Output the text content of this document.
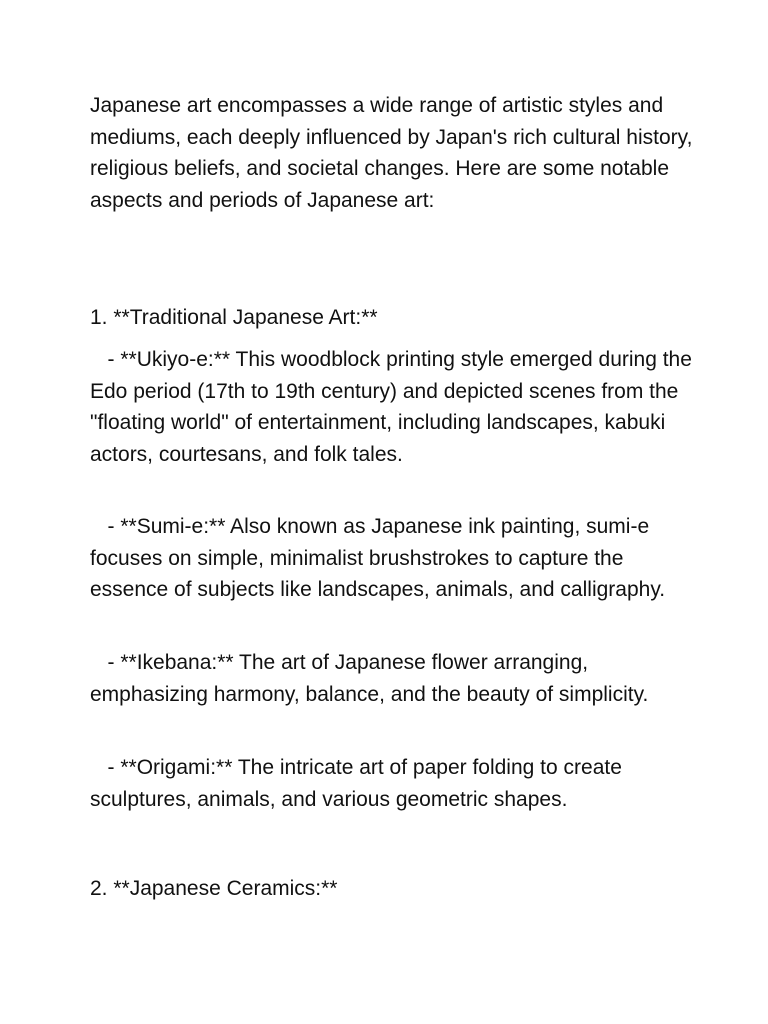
Japanese art encompasses a wide range of artistic styles and mediums, each deeply influenced by Japan's rich cultural history, religious beliefs, and societal changes. Here are some notable aspects and periods of Japanese art:

1. **Traditional Japanese Art:**

- **Ukiyo-e:** This woodblock printing style emerged during the Edo period (17th to 19th century) and depicted scenes from the "floating world" of entertainment, including landscapes, kabuki actors, courtesans, and folk tales.

- **Sumi-e:** Also known as Japanese ink painting, sumi-e focuses on simple, minimalist brushstrokes to capture the essence of subjects like landscapes, animals, and calligraphy.

- **Ikebana:** The art of Japanese flower arranging, emphasizing harmony, balance, and the beauty of simplicity.

- **Origami:** The intricate art of paper folding to create sculptures, animals, and various geometric shapes.

2. **Japanese Ceramics:**
